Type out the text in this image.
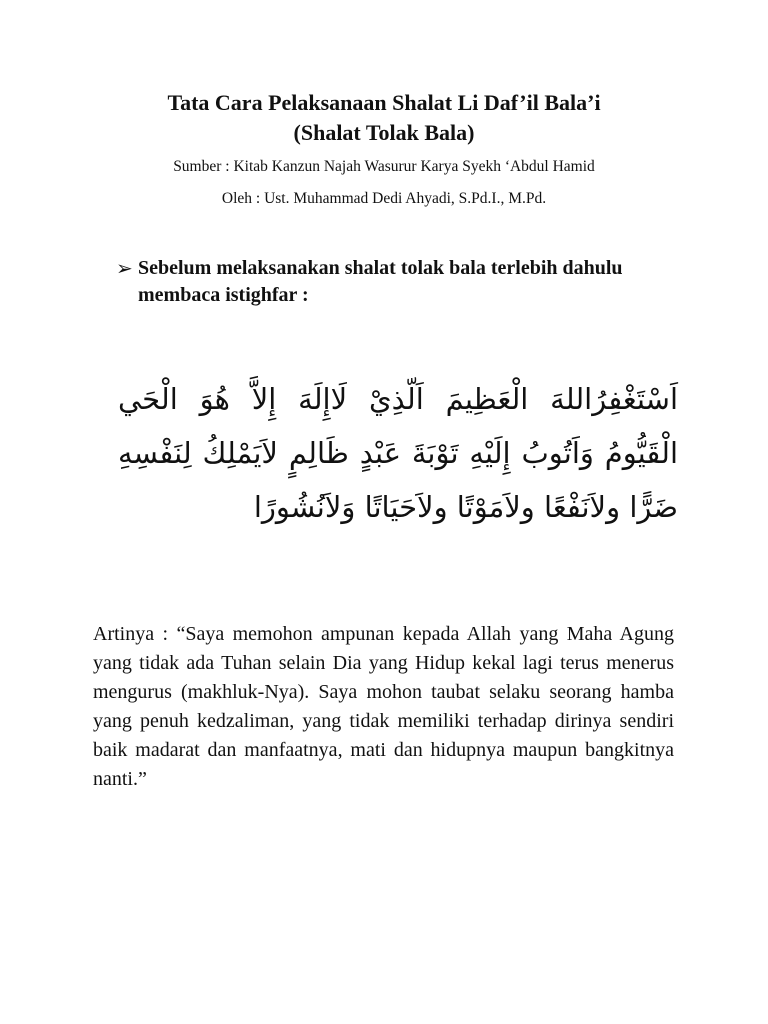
Tata Cara Pelaksanaan Shalat Li Daf’il Bala’i
(Shalat Tolak Bala)
Sumber : Kitab Kanzun Najah Wasurur Karya Syekh ‘Abdul Hamid
Oleh : Ust. Muhammad Dedi Ahyadi, S.Pd.I., M.Pd.
➢ Sebelum melaksanakan shalat tolak bala terlebih dahulu membaca istighfar :
اَسْتَغْفِرُاللهَ الْعَظِيمَ اَلّذِيْ لَاإِلَهَ إِلاَّ هُوَ الْحَي الْقَيُّومُ وَاَتُوبُ إِلَيْهِ تَوْبَةَ عَبْدٍ ظَالِمٍ لاَيَمْلِكُ لِنَفْسِهِ ضَرًّا ولاَنَفْعًا ولاَمَوْتًا ولاَحَيَاتًا وَلاَنُشُورًا
Artinya : “Saya memohon ampunan kepada Allah yang Maha Agung yang tidak ada Tuhan selain Dia yang Hidup kekal lagi terus menerus mengurus (makhluk-Nya). Saya mohon taubat selaku seorang hamba yang penuh kedzaliman, yang tidak memiliki terhadap dirinya sendiri baik madarat dan manfaatnya, mati dan hidupnya maupun bangkitnya nanti.”
